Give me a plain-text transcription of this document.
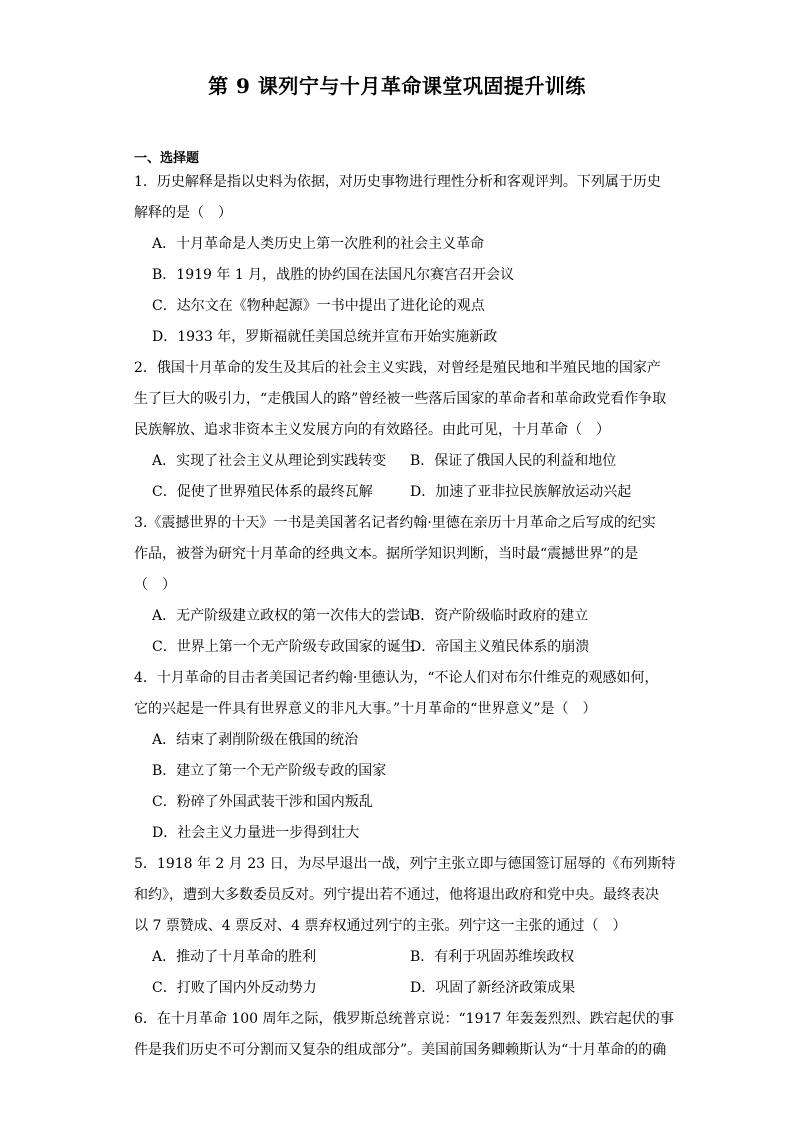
第 9 课列宁与十月革命课堂巩固提升训练
一、选择题
1．历史解释是指以史料为依据，对历史事物进行理性分析和客观评判。下列属于历史
解释的是（　）
A．十月革命是人类历史上第一次胜利的社会主义革命
B．1919 年 1 月，战胜的协约国在法国凡尔赛宫召开会议
C．达尔文在《物种起源》一书中提出了进化论的观点
D．1933 年，罗斯福就任美国总统并宣布开始实施新政
2．俄国十月革命的发生及其后的社会主义实践，对曾经是殖民地和半殖民地的国家产
生了巨大的吸引力，“走俄国人的路”曾经被一些落后国家的革命者和革命政党看作争取
民族解放、追求非资本主义发展方向的有效路径。由此可见，十月革命（　）
A．实现了社会主义从理论到实践转变 B．保证了俄国人民的利益和地位
C．促使了世界殖民体系的最终瓦解	D．加速了亚非拉民族解放运动兴起
3.《震撼世界的十天》一书是美国著名记者约翰·里德在亲历十月革命之后写成的纪实
作品，被誉为研究十月革命的经典文本。据所学知识判断，当时最“震撼世界”的是
（　）
A．无产阶级建立政权的第一次伟大的尝试
B．资产阶级临时政府的建立
C．世界上第一个无产阶级专政国家的诞生
D．帝国主义殖民体系的崩溃
4．十月革命的目击者美国记者约翰·里德认为，“不论人们对布尔什维克的观感如何，
它的兴起是一件具有世界意义的非凡大事。”十月革命的“世界意义”是（　）
A．结束了剥削阶级在俄国的统治
B．建立了第一个无产阶级专政的国家
C．粉碎了外国武装干涉和国内叛乱
D．社会主义力量进一步得到壮大
5．1918 年 2 月 23 日，为尽早退出一战，列宁主张立即与德国签订屈辱的《布列斯特
和约》，遭到大多数委员反对。列宁提出若不通过，他将退出政府和党中央。最终表决
以 7 票赞成、4 票反对、4 票弃权通过列宁的主张。列宁这一主张的通过（　）
A．推动了十月革命的胜利	B．有利于巩固苏维埃政权
C．打败了国内外反动势力	D．巩固了新经济政策成果
6．在十月革命 100 周年之际，俄罗斯总统普京说：“1917 年轰轰烈烈、跌宕起伏的事
件是我们历史不可分割而又复杂的组成部分”。美国前国务卿赖斯认为“十月革命的的确
